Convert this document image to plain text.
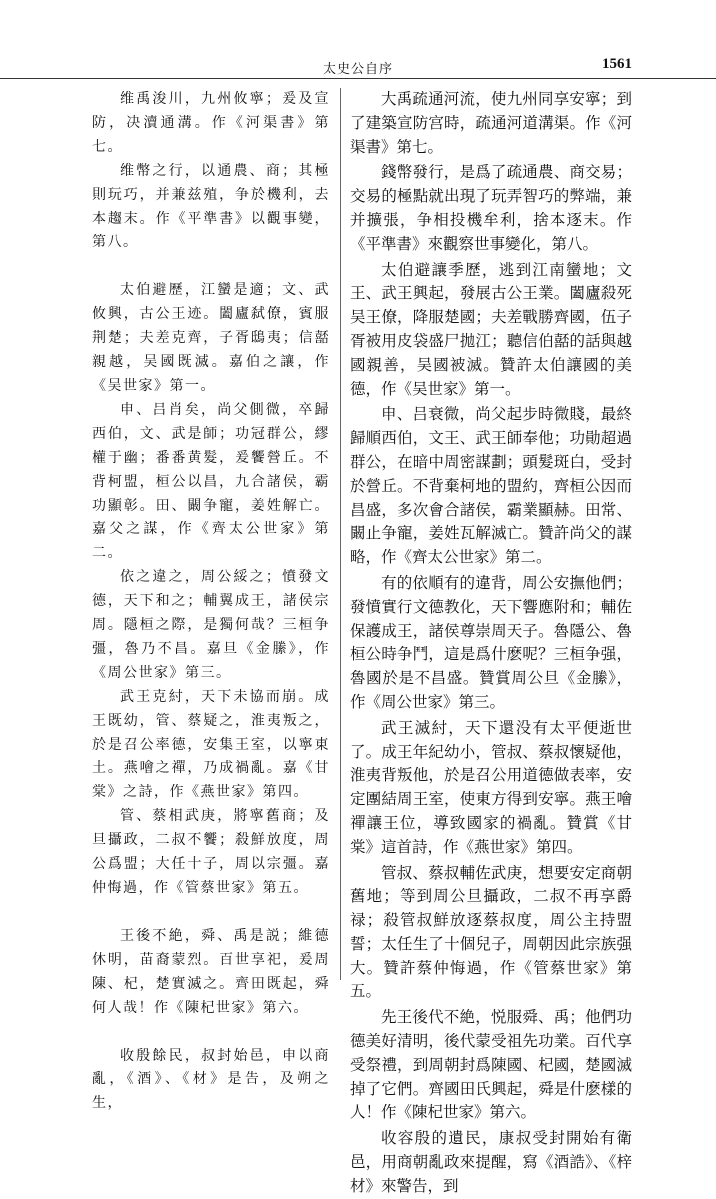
太史公自序	1561

维禹浚川，九州攸寧；爰及宣防，决瀆通溝。作《河渠書》第七。

维幣之行，以通農、商；其極則玩巧，并兼兹殖，争於機利，去本趨末。作《平準書》以觀事變，第八。

太伯避歷，江蠻是適；文、武攸興，古公王迹。闔廬弑僚，賓服荆楚；夫差克齊，子胥鴟夷；信嚭親越，吴國既滅。嘉伯之讓，作《吴世家》第一。

申、吕肖矣，尚父側微，卒歸西伯，文、武是師；功冠群公，繆權于幽；番番黄髮，爰饗營丘。不背柯盟，桓公以昌，九合諸侯，霸功顯彰。田、闞争寵，姜姓解亡。嘉父之謀，作《齊太公世家》第二。

依之違之，周公綏之；憤發文德，天下和之；輔翼成王，諸侯宗周。隱桓之際，是獨何哉？三桓争彊，魯乃不昌。嘉旦《金縢》，作《周公世家》第三。

武王克紂，天下未協而崩。成王既幼，管、蔡疑之，淮夷叛之，於是召公率德，安集王室，以寧東土。燕噲之禪，乃成禍亂。嘉《甘棠》之詩，作《燕世家》第四。

管、蔡相武庚，將寧舊商；及旦攝政，二叔不饗；殺鮮放度，周公爲盟；大任十子，周以宗彊。嘉仲悔過，作《管蔡世家》第五。

王後不絶，舜、禹是説；維德休明，苗裔蒙烈。百世享祀，爰周陳、杞，楚實滅之。齊田既起，舜何人哉！作《陳杞世家》第六。

收殷餘民，叔封始邑，申以商亂，《酒》、《材》是告，及朔之生，

大禹疏通河流，使九州同享安寧；到了建築宣防宫時，疏通河道溝渠。作《河渠書》第七。

錢幣發行，是爲了疏通農、商交易；交易的極點就出現了玩弄智巧的弊端，兼并擴張，争相投機牟利，捨本逐末。作《平準書》來觀察世事變化，第八。

太伯避讓季歷，逃到江南蠻地；文王、武王興起，發展古公王業。闔廬殺死吴王僚，降服楚國；夫差戰勝齊國，伍子胥被用皮袋盛尸拋江；聽信伯嚭的話與越國親善，吴國被滅。贊許太伯讓國的美德，作《吴世家》第一。

申、吕衰微，尚父起步時微賤，最終歸順西伯，文王、武王師奉他；功勛超過群公，在暗中周密謀劃；頭髮斑白，受封於營丘。不背棄柯地的盟約，齊桓公因而昌盛，多次會合諸侯，霸業顯赫。田常、闞止争寵，姜姓瓦解滅亡。贊許尚父的謀略，作《齊太公世家》第二。

有的依順有的違背，周公安撫他們；發憤實行文德教化，天下響應附和；輔佐保護成王，諸侯尊崇周天子。魯隱公、魯桓公時争鬥，這是爲什麽呢？三桓争强，魯國於是不昌盛。贊賞周公旦《金縢》，作《周公世家》第三。

武王滅紂，天下還没有太平便逝世了。成王年紀幼小，管叔、蔡叔懷疑他，淮夷背叛他，於是召公用道德做表率，安定團結周王室，使東方得到安寧。燕王噲禪讓王位，導致國家的禍亂。贊賞《甘棠》這首詩，作《燕世家》第四。

管叔、蔡叔輔佐武庚，想要安定商朝舊地；等到周公旦攝政，二叔不再享爵禄；殺管叔鮮放逐蔡叔度，周公主持盟誓；太任生了十個兒子，周朝因此宗族强大。贊許蔡仲悔過，作《管蔡世家》第五。

先王後代不絶，悦服舜、禹；他們功德美好清明，後代蒙受祖先功業。百代享受祭禮，到周朝封爲陳國、杞國，楚國滅掉了它們。齊國田氏興起，舜是什麽樣的人！作《陳杞世家》第六。

收容殷的遺民，康叔受封開始有衛邑，用商朝亂政來提醒，寫《酒誥》、《梓材》來警告，到
